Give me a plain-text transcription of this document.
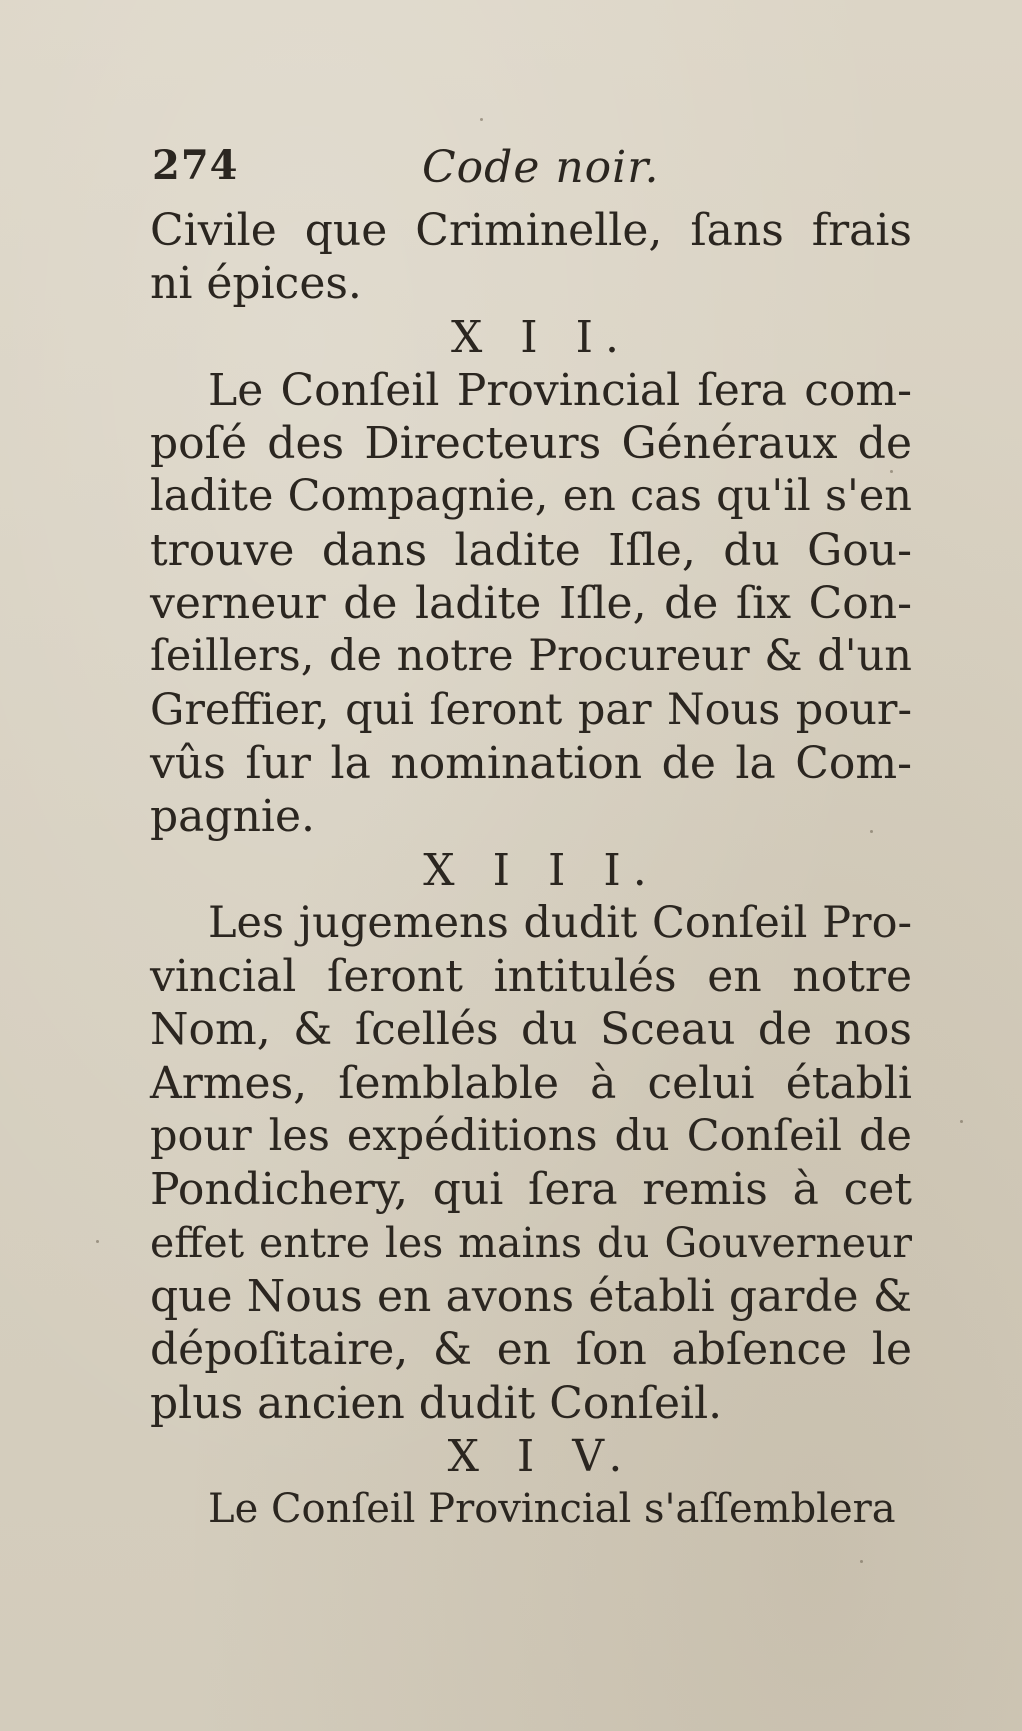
274	Code noir.
Civile que Criminelle, ſans frais
ni épices.
X I I.
Le Conſeil Provincial ſera com-
poſé des Directeurs Généraux de
ladite Compagnie, en cas qu'il s'en
trouve dans ladite Iſle, du Gou-
verneur de ladite Iſle, de ſix Con-
ſeillers, de notre Procureur & d'un
Greffier, qui ſeront par Nous pour-
vûs ſur la nomination de la Com-
pagnie.
X I I I.
Les jugemens dudit Conſeil Pro-
vincial ſeront intitulés en notre
Nom, & ſcellés du Sceau de nos
Armes, ſemblable à celui établi
pour les expéditions du Conſeil de
Pondichery, qui ſera remis à cet
effet entre les mains du Gouverneur
que Nous en avons établi garde &
dépoſitaire, & en ſon abſence le
plus ancien dudit Conſeil.
X I V.
Le Conſeil Provincial s'aſſemblera
